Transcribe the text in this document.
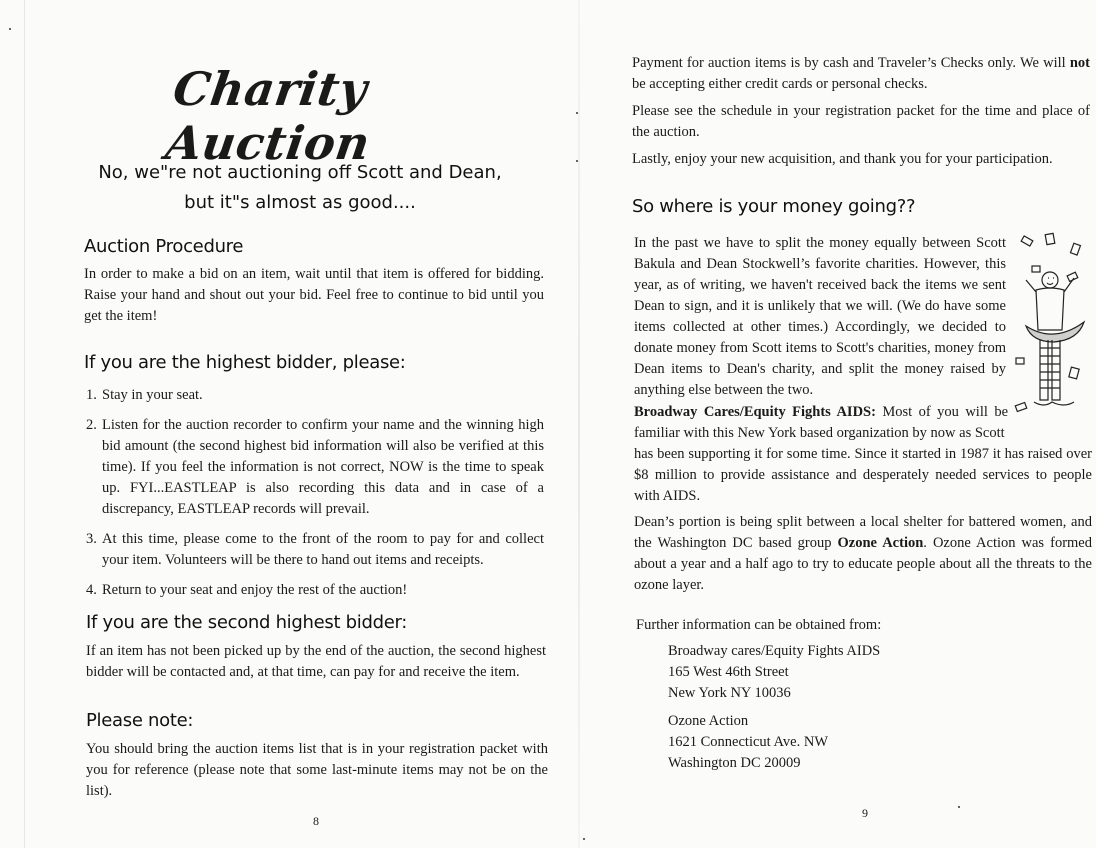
Charity Auction
No, we"re not auctioning off Scott and Dean,
but it"s almost as good....
Auction Procedure
In order to make a bid on an item, wait until that item is offered for bidding. Raise your hand and shout out your bid. Feel free to continue to bid until you get the item!
If you are the highest bidder, please:
1. Stay in your seat.
2. Listen for the auction recorder to confirm your name and the winning high bid amount (the second highest bid information will also be verified at this time). If you feel the information is not correct, NOW is the time to speak up. FYI...EASTLEAP is also recording this data and in case of a discrepancy, EASTLEAP records will prevail.
3. At this time, please come to the front of the room to pay for and collect your item. Volunteers will be there to hand out items and receipts.
4. Return to your seat and enjoy the rest of the auction!
If you are the second highest bidder:
If an item has not been picked up by the end of the auction, the second highest bidder will be contacted and, at that time, can pay for and receive the item.
Please note:
You should bring the auction items list that is in your registration packet with you for reference (please note that some last-minute items may not be on the list).
8
Payment for auction items is by cash and Traveler’s Checks only. We will not be accepting either credit cards or personal checks.
Please see the schedule in your registration packet for the time and place of the auction.
Lastly, enjoy your new acquisition, and thank you for your participation.
So where is your money going??
In the past we have to split the money equally between Scott Bakula and Dean Stockwell’s favorite charities. However, this year, as of writing, we haven't received back the items we sent Dean to sign, and it is unlikely that we will. (We do have some items collected at other times.) Accordingly, we decided to donate money from Scott items to Scott's charities, money from Dean items to Dean's charity, and split the money raised by anything else between the two.
Broadway Cares/Equity Fights AIDS: Most of you will be familiar with this New York based organization by now as Scott
has been supporting it for some time. Since it started in 1987 it has raised over $8 million to provide assistance and desperately needed services to people with AIDS.
Dean’s portion is being split between a local shelter for battered women, and the Washington DC based group Ozone Action. Ozone Action was formed about a year and a half ago to try to educate people about all the threats to the ozone layer.
Further information can be obtained from:
Broadway cares/Equity Fights AIDS
165 West 46th Street
New York NY 10036
Ozone Action
1621 Connecticut Ave. NW
Washington DC 20009
9
